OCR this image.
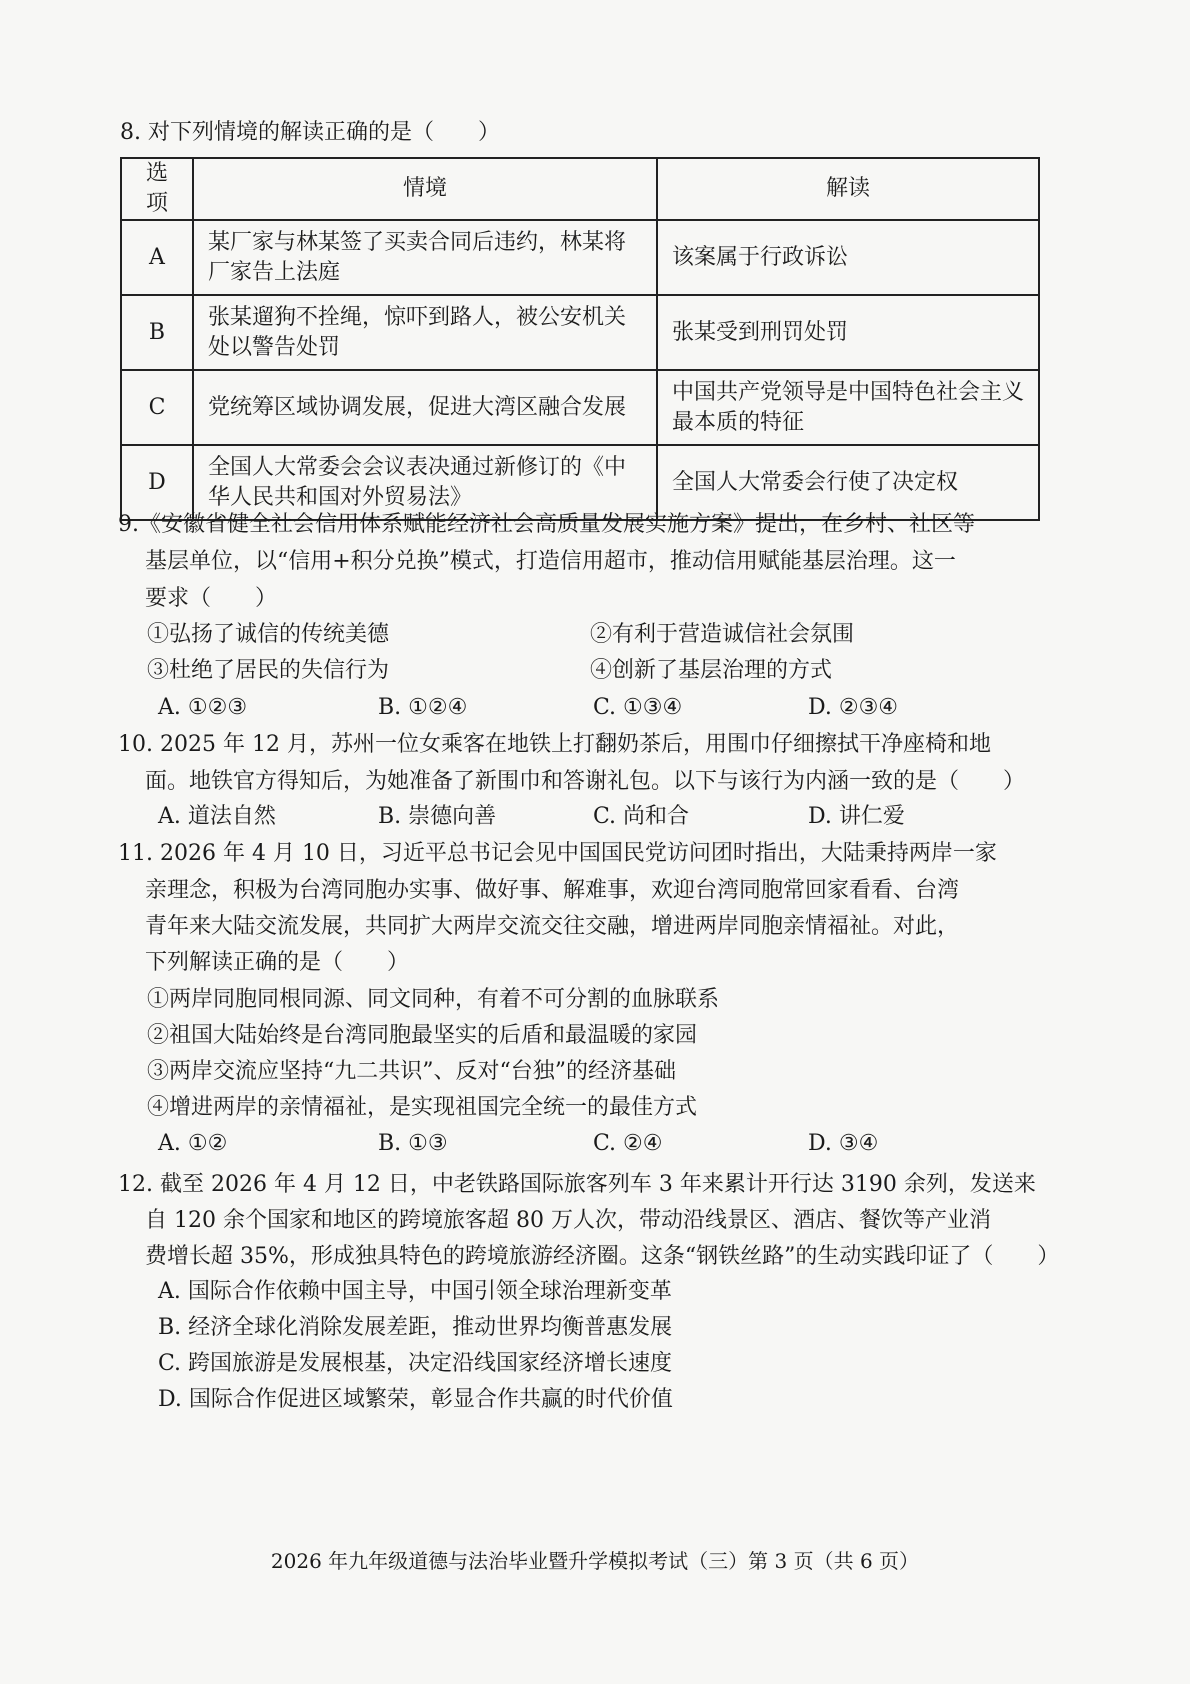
8. 对下列情境的解读正确的是（　　）
选项	情境	解读
A	某厂家与林某签了买卖合同后违约，林某将厂家告上法庭	该案属于行政诉讼
B	张某遛狗不拴绳，惊吓到路人，被公安机关处以警告处罚	张某受到刑罚处罚
C	党统筹区域协调发展，促进大湾区融合发展	中国共产党领导是中国特色社会主义最本质的特征
D	全国人大常委会会议表决通过新修订的《中华人民共和国对外贸易法》	全国人大常委会行使了决定权
9.《安徽省健全社会信用体系赋能经济社会高质量发展实施方案》提出，在乡村、社区等
基层单位，以“信用+积分兑换”模式，打造信用超市，推动信用赋能基层治理。这一
要求（　　）
①弘扬了诚信的传统美德	②有利于营造诚信社会氛围
③杜绝了居民的失信行为	④创新了基层治理的方式
A. ①②③	B. ①②④	C. ①③④	D. ②③④
10. 2025 年 12 月，苏州一位女乘客在地铁上打翻奶茶后，用围巾仔细擦拭干净座椅和地
面。地铁官方得知后，为她准备了新围巾和答谢礼包。以下与该行为内涵一致的是（　　）
A. 道法自然	B. 崇德向善	C. 尚和合	D. 讲仁爱
11. 2026 年 4 月 10 日，习近平总书记会见中国国民党访问团时指出，大陆秉持两岸一家
亲理念，积极为台湾同胞办实事、做好事、解难事，欢迎台湾同胞常回家看看、台湾
青年来大陆交流发展，共同扩大两岸交流交往交融，增进两岸同胞亲情福祉。对此，
下列解读正确的是（　　）
①两岸同胞同根同源、同文同种，有着不可分割的血脉联系
②祖国大陆始终是台湾同胞最坚实的后盾和最温暖的家园
③两岸交流应坚持“九二共识”、反对“台独”的经济基础
④增进两岸的亲情福祉，是实现祖国完全统一的最佳方式
A. ①②	B. ①③	C. ②④	D. ③④
12. 截至 2026 年 4 月 12 日，中老铁路国际旅客列车 3 年来累计开行达 3190 余列，发送来
自 120 余个国家和地区的跨境旅客超 80 万人次，带动沿线景区、酒店、餐饮等产业消
费增长超 35%，形成独具特色的跨境旅游经济圈。这条“钢铁丝路”的生动实践印证了（　　）
A. 国际合作依赖中国主导，中国引领全球治理新变革
B. 经济全球化消除发展差距，推动世界均衡普惠发展
C. 跨国旅游是发展根基，决定沿线国家经济增长速度
D. 国际合作促进区域繁荣，彰显合作共赢的时代价值
2026 年九年级道德与法治毕业暨升学模拟考试（三）第 3 页（共 6 页）
